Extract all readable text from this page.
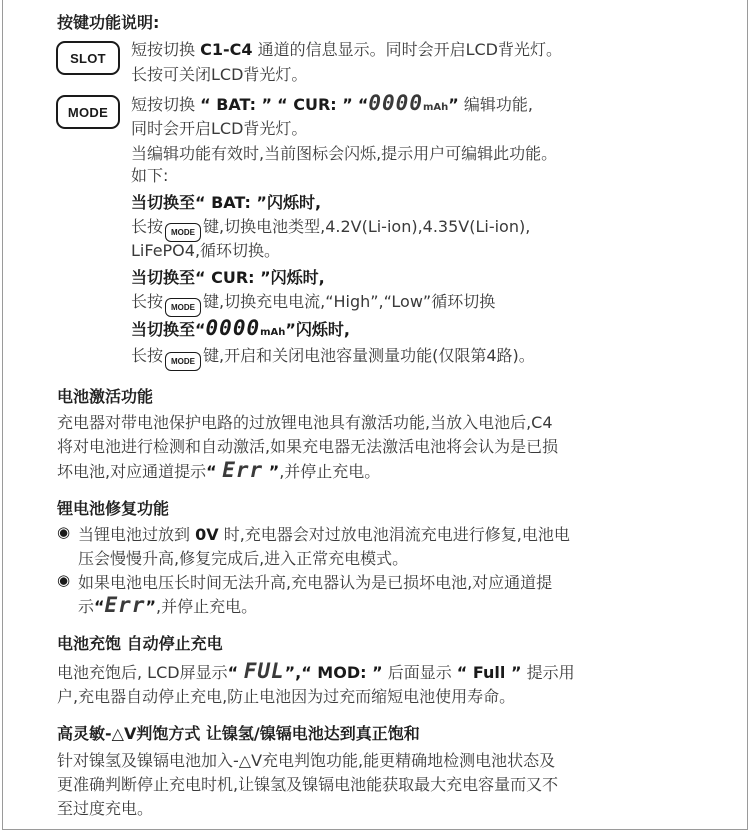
按键功能说明:
SLOT 短按切换 C1-C4 通道的信息显示。同时会开启LCD背光灯。
长按可关闭LCD背光灯。
MODE 短按切换 “ BAT: ” “ CUR: ” “0000mAh” 编辑功能,
同时会开启LCD背光灯。
当编辑功能有效时,当前图标会闪烁,提示用户可编辑此功能。
如下:
当切换至“ BAT: ”闪烁时,
长按 MODE 键,切换电池类型,4.2V(Li-ion),4.35V(Li-ion),
LiFePO4,循环切换。
当切换至“ CUR: ”闪烁时,
长按 MODE 键,切换充电电流,“High”,“Low”循环切换
当切换至“0000mAh”闪烁时,
长按 MODE 键,开启和关闭电池容量测量功能(仅限第4路)。
电池激活功能
充电器对带电池保护电路的过放锂电池具有激活功能,当放入电池后,C4
将对电池进行检测和自动激活,如果充电器无法激活电池将会认为是已损
坏电池,对应通道提示“ Err ”,并停止充电。
锂电池修复功能
◉ 当锂电池过放到 0V 时,充电器会对过放电池涓流充电进行修复,电池电
压会慢慢升高,修复完成后,进入正常充电模式。
◉ 如果电池电压长时间无法升高,充电器认为是已损坏电池,对应通道提
示“Err”,并停止充电。
电池充饱 自动停止充电
电池充饱后, LCD屏显示“ FUL”,“ MOD: ” 后面显示 “ Full ” 提示用
户,充电器自动停止充电,防止电池因为过充而缩短电池使用寿命。
高灵敏-△V判饱方式 让镍氢/镍镉电池达到真正饱和
针对镍氢及镍镉电池加入-△V充电判饱功能,能更精确地检测电池状态及
更准确判断停止充电时机,让镍氢及镍镉电池能获取最大充电容量而又不
至过度充电。
